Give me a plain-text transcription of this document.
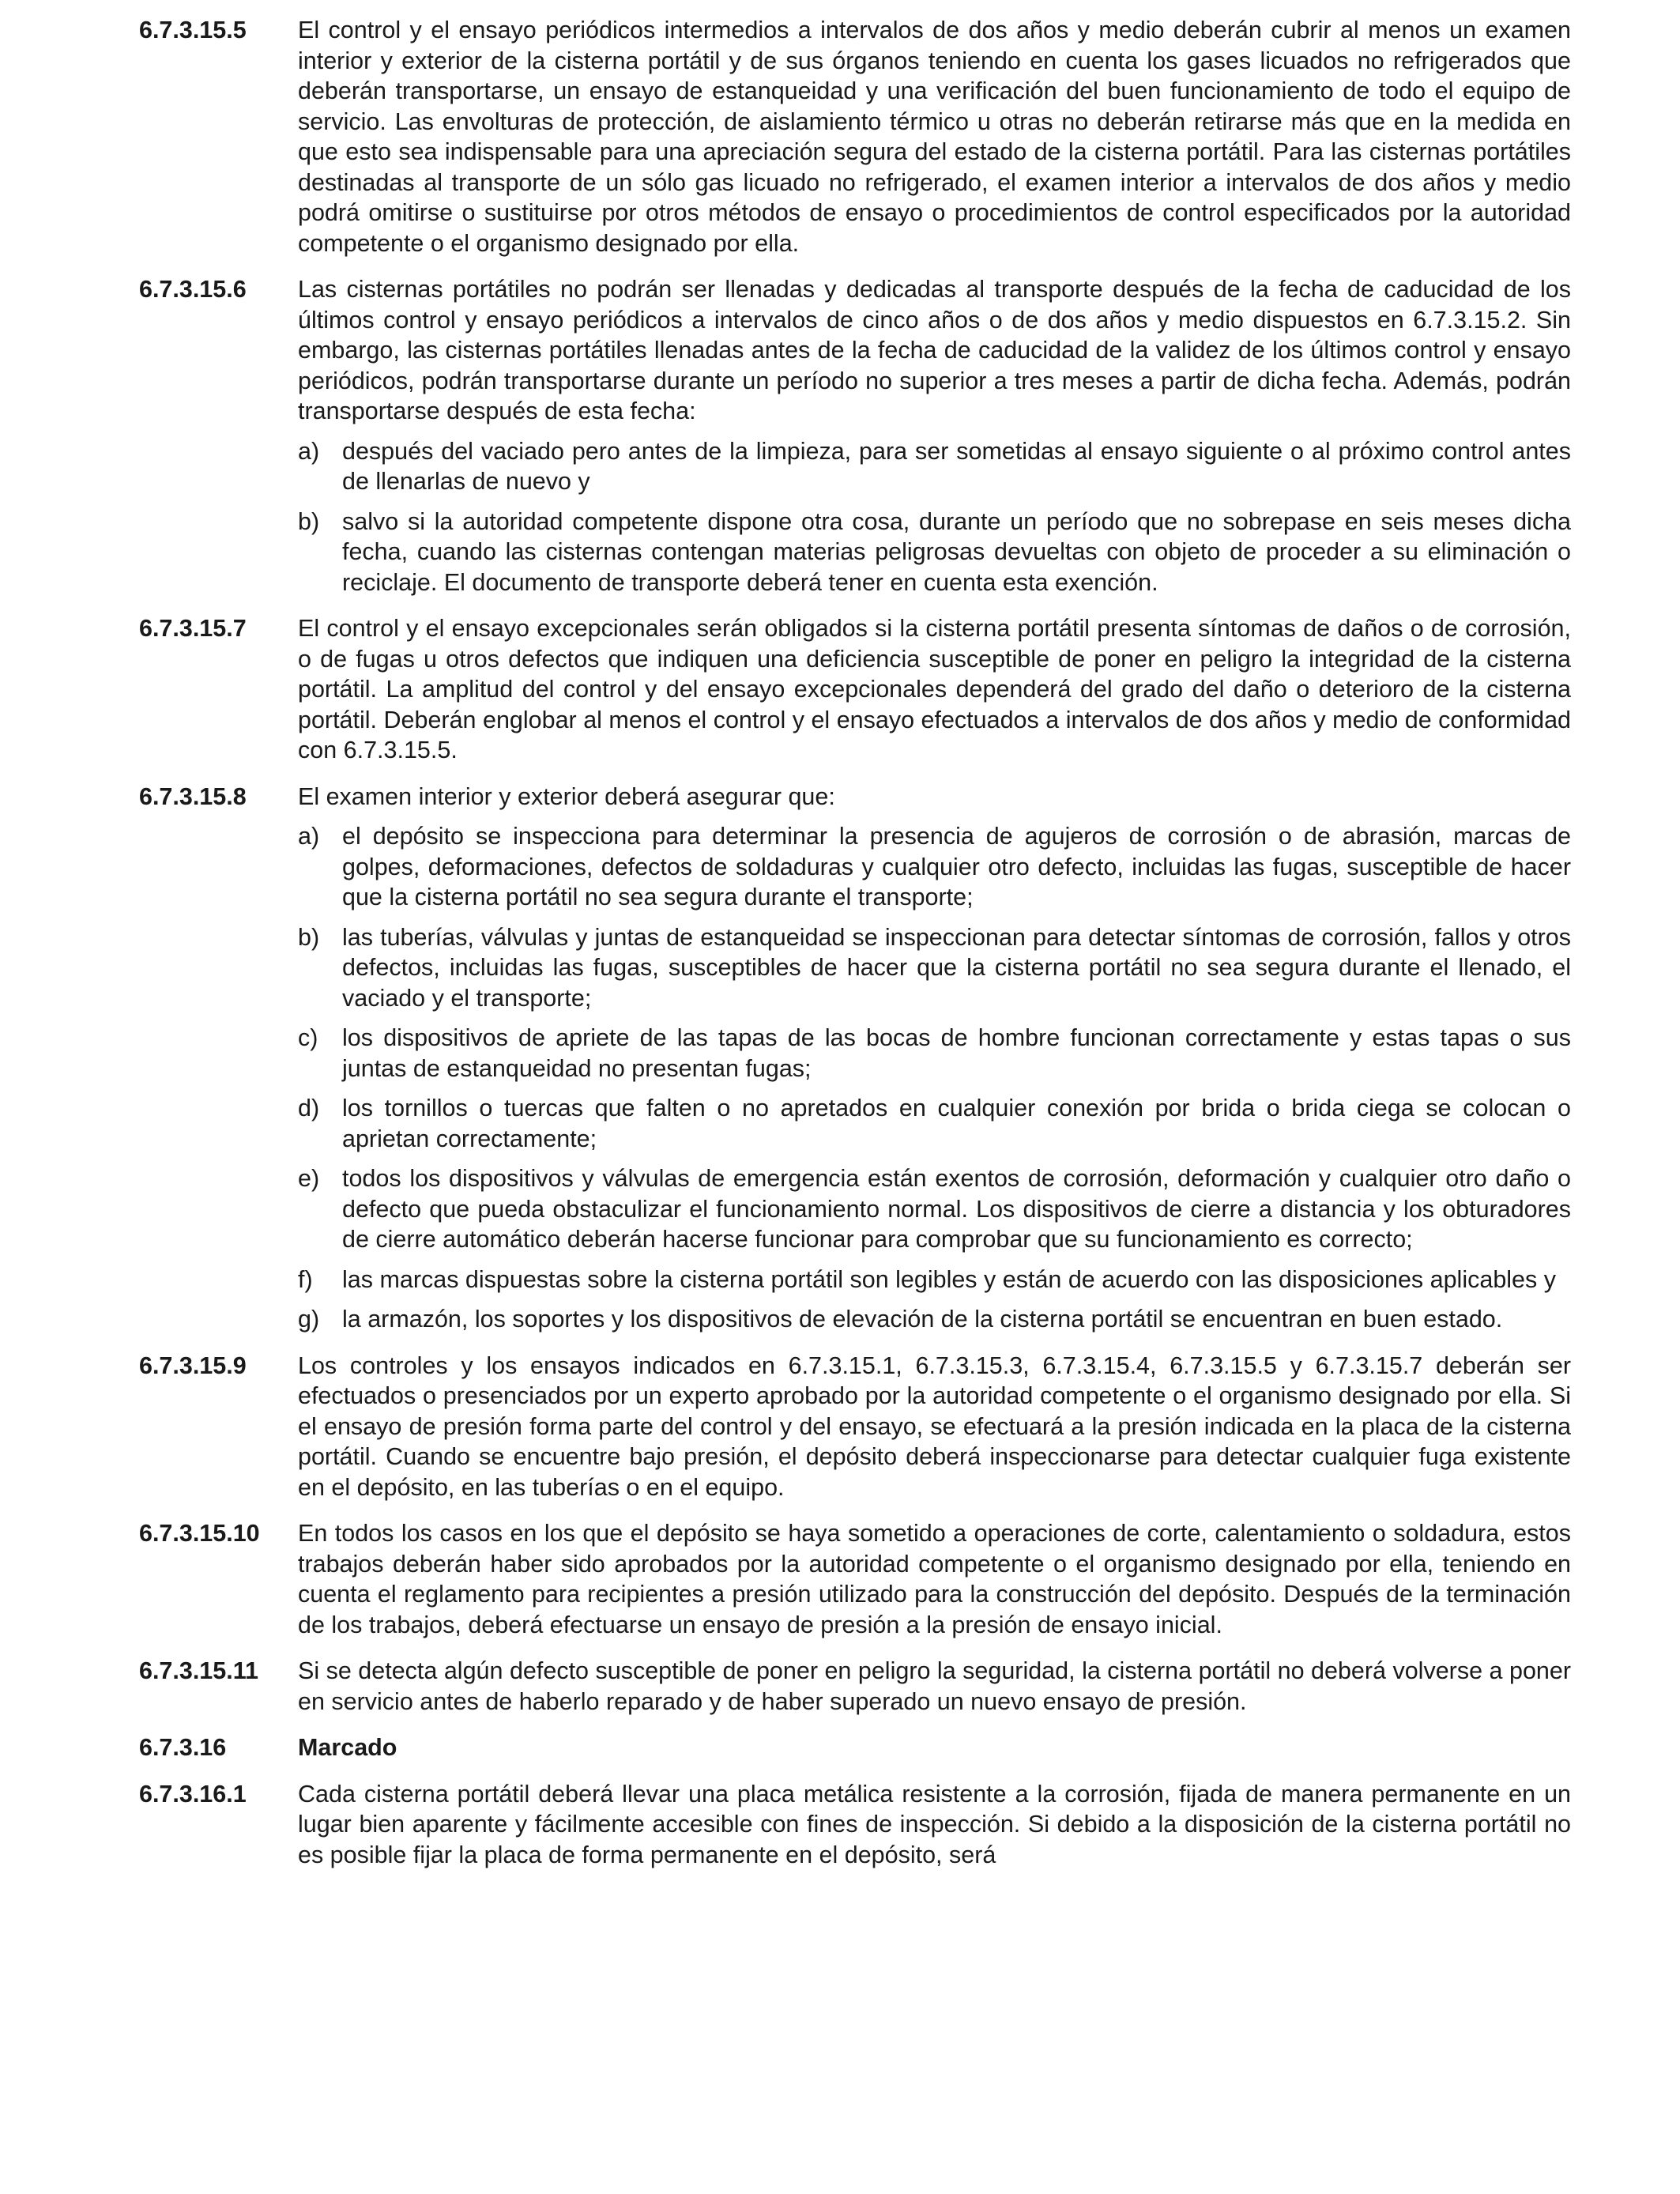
6.7.3.15.5	El control y el ensayo periódicos intermedios a intervalos de dos años y medio deberán cubrir al menos un examen interior y exterior de la cisterna portátil y de sus órganos teniendo en cuenta los gases licuados no refrigerados que deberán transportarse, un ensayo de estanqueidad y una verificación del buen funcionamiento de todo el equipo de servicio. Las envolturas de protección, de aislamiento térmico u otras no deberán retirarse más que en la medida en que esto sea indispensable para una apreciación segura del estado de la cisterna portátil. Para las cisternas portátiles destinadas al transporte de un sólo gas licuado no refrigerado, el examen interior a intervalos de dos años y medio podrá omitirse o sustituirse por otros métodos de ensayo o procedimientos de control especificados por la autoridad competente o el organismo designado por ella.
6.7.3.15.6	Las cisternas portátiles no podrán ser llenadas y dedicadas al transporte después de la fecha de caducidad de los últimos control y ensayo periódicos a intervalos de cinco años o de dos años y medio dispuestos en 6.7.3.15.2. Sin embargo, las cisternas portátiles llenadas antes de la fecha de caducidad de la validez de los últimos control y ensayo periódicos, podrán transportarse durante un período no superior a tres meses a partir de dicha fecha. Además, podrán transportarse después de esta fecha:
a) después del vaciado pero antes de la limpieza, para ser sometidas al ensayo siguiente o al próximo control antes de llenarlas de nuevo y
b) salvo si la autoridad competente dispone otra cosa, durante un período que no sobrepase en seis meses dicha fecha, cuando las cisternas contengan materias peligrosas devueltas con objeto de proceder a su eliminación o reciclaje. El documento de transporte deberá tener en cuenta esta exención.
6.7.3.15.7	El control y el ensayo excepcionales serán obligados si la cisterna portátil presenta síntomas de daños o de corrosión, o de fugas u otros defectos que indiquen una deficiencia susceptible de poner en peligro la integridad de la cisterna portátil. La amplitud del control y del ensayo excepcionales dependerá del grado del daño o deterioro de la cisterna portátil. Deberán englobar al menos el control y el ensayo efectuados a intervalos de dos años y medio de conformidad con 6.7.3.15.5.
6.7.3.15.8	El examen interior y exterior deberá asegurar que:
a) el depósito se inspecciona para determinar la presencia de agujeros de corrosión o de abrasión, marcas de golpes, deformaciones, defectos de soldaduras y cualquier otro defecto, incluidas las fugas, susceptible de hacer que la cisterna portátil no sea segura durante el transporte;
b) las tuberías, válvulas y juntas de estanqueidad se inspeccionan para detectar síntomas de corrosión, fallos y otros defectos, incluidas las fugas, susceptibles de hacer que la cisterna portátil no sea segura durante el llenado, el vaciado y el transporte;
c)	los dispositivos de apriete de las tapas de las bocas de hombre funcionan correctamente y estas tapas o sus juntas de estanqueidad no presentan fugas;
d) los tornillos o tuercas que falten o no apretados en cualquier conexión por brida o brida ciega se colocan o aprietan correctamente;
e) todos los dispositivos y válvulas de emergencia están exentos de corrosión, deformación y cualquier otro daño o defecto que pueda obstaculizar el funcionamiento normal. Los dispositivos de cierre a distancia y los obturadores de cierre automático deberán hacerse funcionar para comprobar que su funcionamiento es correcto;
f)	las marcas dispuestas sobre la cisterna portátil son legibles y están de acuerdo con las disposiciones aplicables y
g) la armazón, los soportes y los dispositivos de elevación de la cisterna portátil se encuentran en buen estado.
6.7.3.15.9	Los controles y los ensayos indicados en 6.7.3.15.1, 6.7.3.15.3, 6.7.3.15.4, 6.7.3.15.5 y 6.7.3.15.7 deberán ser efectuados o presenciados por un experto aprobado por la autoridad competente o el organismo designado por ella. Si el ensayo de presión forma parte del control y del ensayo, se efectuará a la presión indicada en la placa de la cisterna portátil. Cuando se encuentre bajo presión, el depósito deberá inspeccionarse para detectar cualquier fuga existente en el depósito, en las tuberías o en el equipo.
6.7.3.15.10	En todos los casos en los que el depósito se haya sometido a operaciones de corte, calentamiento o soldadura, estos trabajos deberán haber sido aprobados por la autoridad competente o el organismo designado por ella, teniendo en cuenta el reglamento para recipientes a presión utilizado para la construcción del depósito. Después de la terminación de los trabajos, deberá efectuarse un ensayo de presión a la presión de ensayo inicial.
6.7.3.15.11	Si se detecta algún defecto susceptible de poner en peligro la seguridad, la cisterna portátil no deberá volverse a poner en servicio antes de haberlo reparado y de haber superado un nuevo ensayo de presión.
6.7.3.16	Marcado
6.7.3.16.1	Cada cisterna portátil deberá llevar una placa metálica resistente a la corrosión, fijada de manera permanente en un lugar bien aparente y fácilmente accesible con fines de inspección. Si debido a la disposición de la cisterna portátil no es posible fijar la placa de forma permanente en el depósito, será
